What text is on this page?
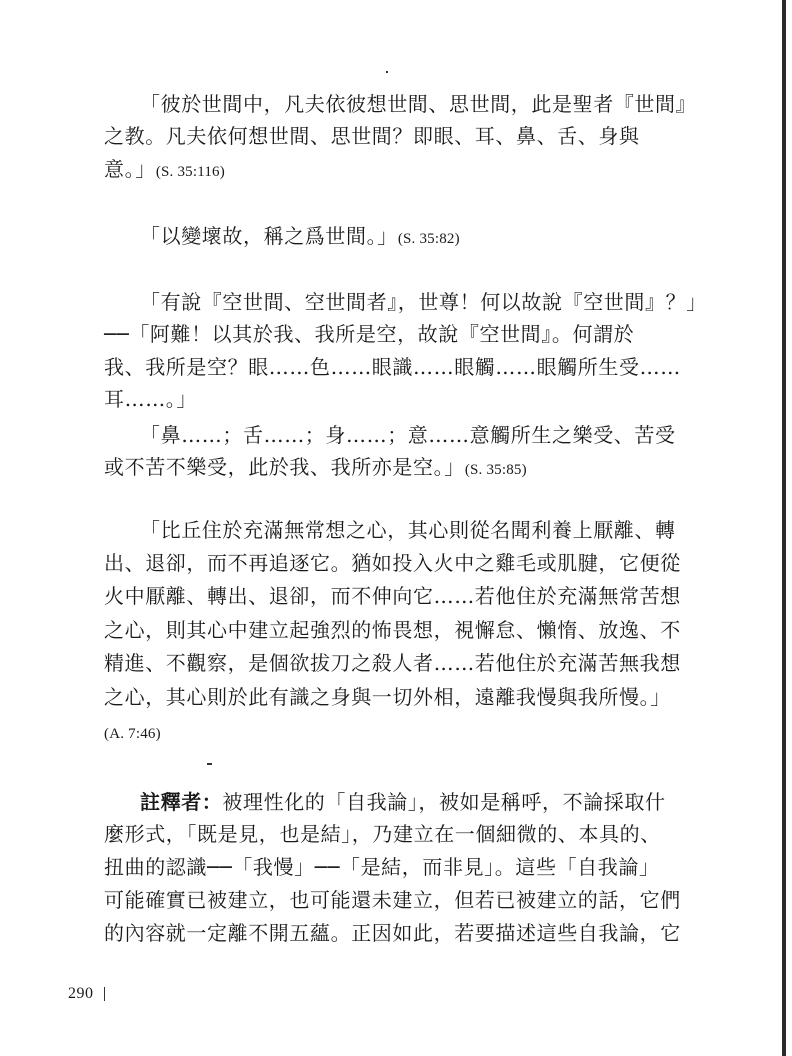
「彼於世間中，凡夫依彼想世間、思世間，此是聖者『世間』
之教。凡夫依何想世間、思世間？即眼、耳、鼻、舌、身與
意。」(S. 35:116)
「以變壞故，稱之爲世間。」(S. 35:82)
「有說『空世間、空世間者』，世尊！何以故說『空世間』？」
──「阿難！以其於我、我所是空，故說『空世間』。何謂於
我、我所是空？眼……色……眼識……眼觸……眼觸所生受……
耳……。」
「鼻……；舌……；身……；意……意觸所生之樂受、苦受
或不苦不樂受，此於我、我所亦是空。」(S. 35:85)
「比丘住於充滿無常想之心，其心則從名聞利養上厭離、轉
出、退卻，而不再追逐它。猶如投入火中之雞毛或肌腱，它便從
火中厭離、轉出、退卻，而不伸向它……若他住於充滿無常苦想
之心，則其心中建立起強烈的怖畏想，視懈怠、懶惰、放逸、不
精進、不觀察，是個欲拔刀之殺人者……若他住於充滿苦無我想
之心，其心則於此有識之身與一切外相，遠離我慢與我所慢。」
(A. 7:46)
註釋者：被理性化的「自我論」，被如是稱呼，不論採取什
麼形式，「既是見，也是結」，乃建立在一個細微的、本具的、
扭曲的認識──「我慢」──「是結，而非見」。這些「自我論」
可能確實已被建立，也可能還未建立，但若已被建立的話，它們
的內容就一定離不開五蘊。正因如此，若要描述這些自我論，它
290
